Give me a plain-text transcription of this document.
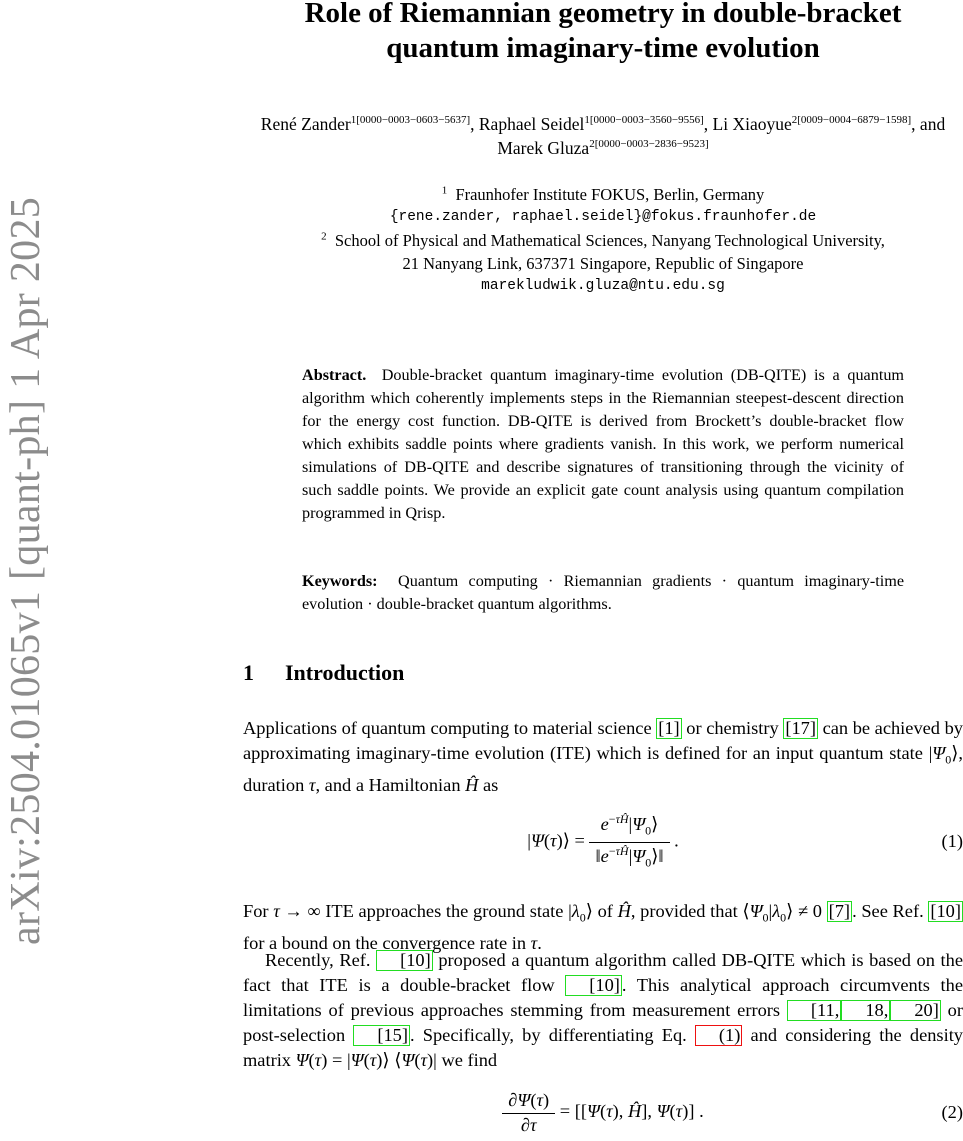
arXiv:2504.01065v1 [quant-ph] 1 Apr 2025
Role of Riemannian geometry in double-bracket
quantum imaginary-time evolution
René Zander$^{1[0000-0003-0603-5637]}$, Raphael Seidel$^{1[0000-0003-3560-9556]}$, Li Xiaoyue$^{2[0009-0004-6879-1598]}$, and Marek Gluza$^{2[0000-0003-2836-9523]}$
$^1$ Fraunhofer Institute FOKUS, Berlin, Germany
{rene.zander, raphael.seidel}@fokus.fraunhofer.de
$^2$ School of Physical and Mathematical Sciences, Nanyang Technological University,
21 Nanyang Link, 637371 Singapore, Republic of Singapore
marekludwik.gluza@ntu.edu.sg
Abstract. Double-bracket quantum imaginary-time evolution (DB-QITE) is a quantum algorithm which coherently implements steps in the Riemannian steepest-descent direction for the energy cost function. DB-QITE is derived from Brockett’s double-bracket flow which exhibits saddle points where gradients vanish. In this work, we perform numerical simulations of DB-QITE and describe signatures of transitioning through the vicinity of such saddle points. We provide an explicit gate count analysis using quantum compilation programmed in Qrisp.
Keywords: Quantum computing · Riemannian gradients · quantum imaginary-time evolution · double-bracket quantum algorithms.
1 Introduction

Applications of quantum computing to material science [1] or chemistry [17] can be achieved by approximating imaginary-time evolution (ITE) which is defined for an input quantum state $|\Psi_0⟩$, duration τ, and a Hamiltonian Ĥ as

|Ψ(τ)⟩ = $\frac{e^{-\tau Ĥ}|\Psi_0⟩}{‖e^{-\tau Ĥ}|\Psi_0⟩‖}$ .	(1)

For τ → ∞ ITE approaches the ground state $|\lambda_0⟩$ of Ĥ, provided that $⟨\Psi_0|\lambda_0⟩ \ne 0$ [7] . See Ref. [10] for a bound on the convergence rate in τ.

Recently, Ref. [10] proposed a quantum algorithm called DB-QITE which is based on the fact that ITE is a double-bracket flow [10] . This analytical approach circumvents the limitations of previous approaches stemming from measurement errors [11, 18, 20] or post-selection [15] . Specifically, by differentiating Eq. (1) and considering the density matrix Ψ(τ) = |Ψ(τ)⟩ ⟨Ψ(τ)| we find

$\frac{\partial\Psi(\tau)}{\partial\tau} = [[\Psi(\tau)$, Ĥ], Ψ(τ)] .	(2)
